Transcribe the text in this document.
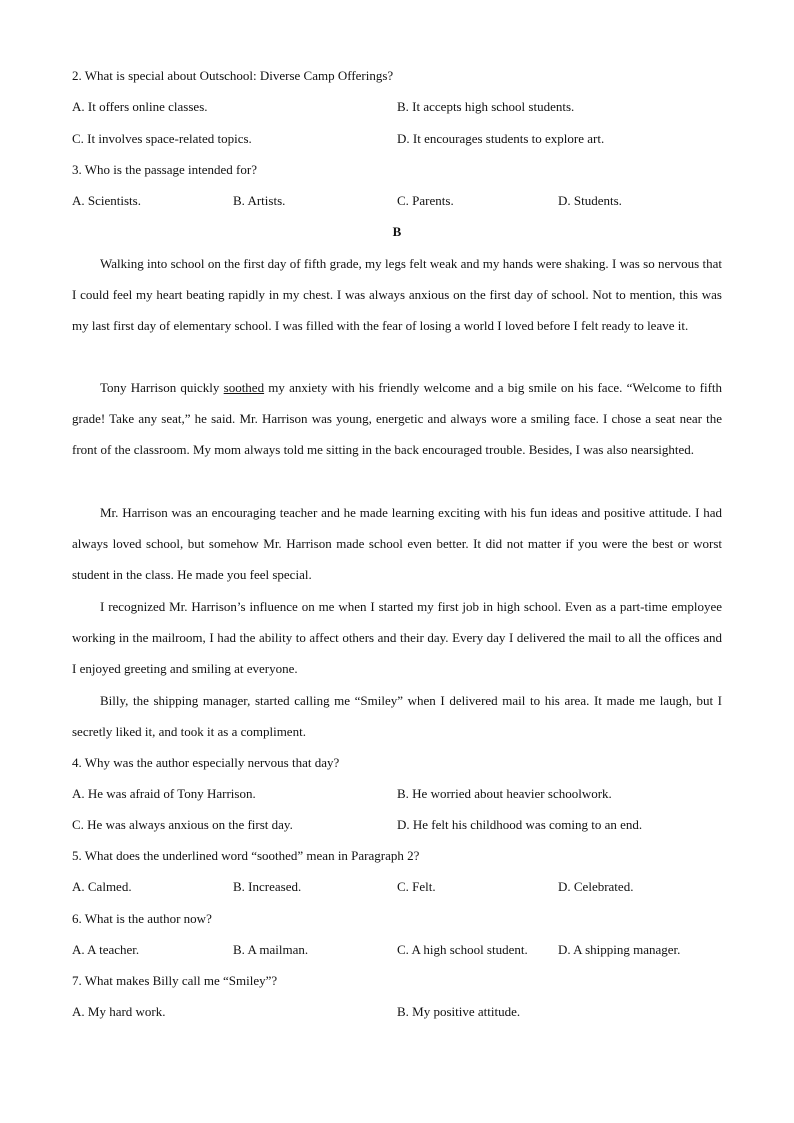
2. What is special about Outschool: Diverse Camp Offerings?
A. It offers online classes.	B. It accepts high school students.
C. It involves space-related topics.	D. It encourages students to explore art.
3. Who is the passage intended for?
A. Scientists.	B. Artists.	C. Parents.	D. Students.
B

Walking into school on the first day of fifth grade, my legs felt weak and my hands were shaking. I was so nervous that I could feel my heart beating rapidly in my chest. I was always anxious on the first day of school. Not to mention, this was my last first day of elementary school. I was filled with the fear of losing a world I loved before I felt ready to leave it.

Tony Harrison quickly soothed my anxiety with his friendly welcome and a big smile on his face. “Welcome to fifth grade! Take any seat,” he said. Mr. Harrison was young, energetic and always wore a smiling face. I chose a seat near the front of the classroom. My mom always told me sitting in the back encouraged trouble. Besides, I was also nearsighted.

Mr. Harrison was an encouraging teacher and he made learning exciting with his fun ideas and positive attitude. I had always loved school, but somehow Mr. Harrison made school even better. It did not matter if you were the best or worst student in the class. He made you feel special.

I recognized Mr. Harrison’s influence on me when I started my first job in high school. Even as a part-time employee working in the mailroom, I had the ability to affect others and their day. Every day I delivered the mail to all the offices and I enjoyed greeting and smiling at everyone.

Billy, the shipping manager, started calling me “Smiley” when I delivered mail to his area. It made me laugh, but I secretly liked it, and took it as a compliment.

4. Why was the author especially nervous that day?
A. He was afraid of Tony Harrison.	B. He worried about heavier schoolwork.
C. He was always anxious on the first day.	D. He felt his childhood was coming to an end.
5. What does the underlined word “soothed” mean in Paragraph 2?
A. Calmed.	B. Increased.	C. Felt.	D. Celebrated.
6. What is the author now?
A. A teacher.	B. A mailman.	C. A high school student. D. A shipping manager.
7. What makes Billy call me “Smiley”?
A. My hard work.	B. My positive attitude.
